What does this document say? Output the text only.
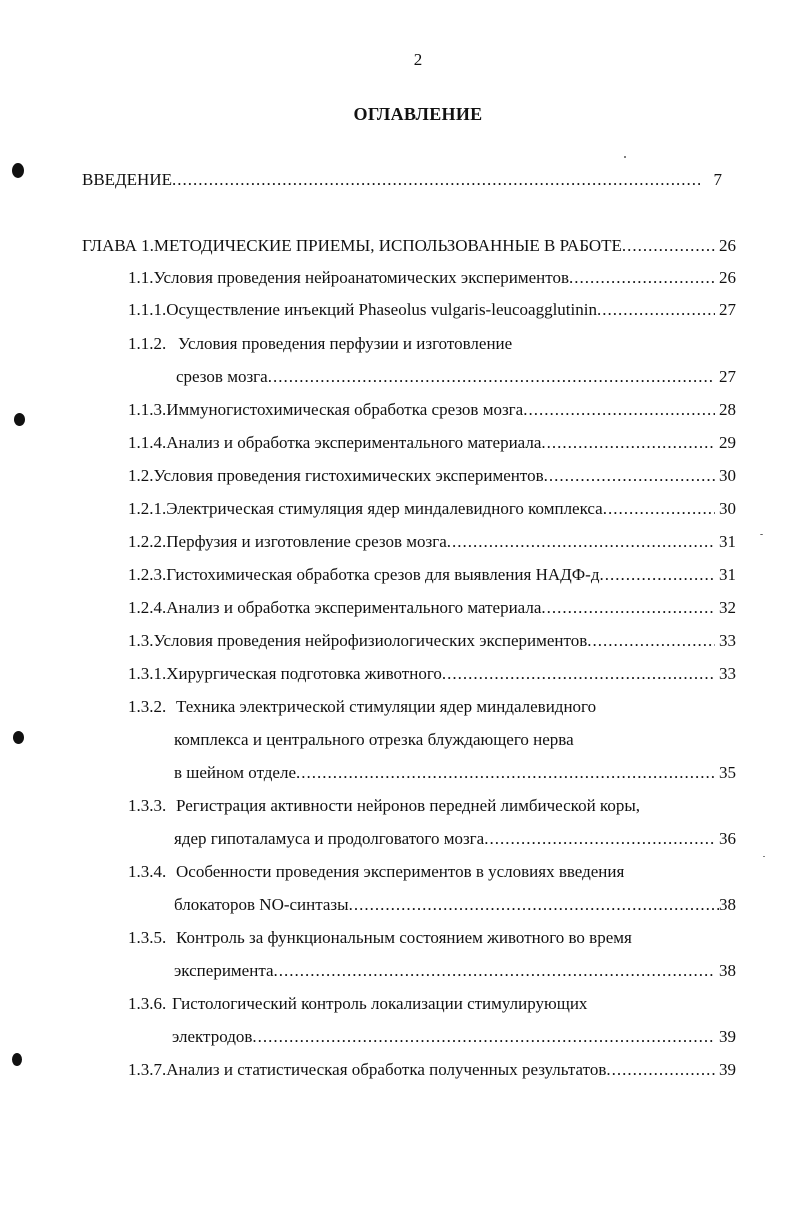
2
ОГЛАВЛЕНИЕ
ВВЕДЕНИЕ .....	7
ГЛАВА 1. МЕТОДИЧЕСКИЕ ПРИЕМЫ, ИСПОЛЬЗОВАННЫЕ В РАБОТЕ .....	26
1.1. Условия проведения нейроанатомических экспериментов .....	26
1.1.1. Осуществление инъекций Phaseolus vulgaris-leucoagglutinin .....	27
1.1.2. Условия проведения перфузии и изготовление
срезов мозга .....	27
1.1.3. Иммуногистохимическая обработка срезов мозга .....	28
1.1.4. Анализ и обработка экспериментального материала .....	29
1.2. Условия проведения гистохимических экспериментов .....	30
1.2.1. Электрическая стимуляция ядер миндалевидного комплекса .....	30
1.2.2. Перфузия и изготовление срезов мозга .....	31
1.2.3. Гистохимическая обработка срезов для выявления НАДФ-д .....	31
1.2.4. Анализ и обработка экспериментального материала .....	32
1.3. Условия проведения нейрофизиологических экспериментов .....	33
1.3.1. Хирургическая подготовка животного .....	33
1.3.2. Техника электрической стимуляции ядер миндалевидного
комплекса и центрального отрезка блуждающего нерва
в шейном отделе .....	35
1.3.3. Регистрация активности нейронов передней лимбической коры,
ядер гипоталамуса и продолговатого мозга .....	36
1.3.4. Особенности проведения экспериментов в условиях введения
блокаторов NO-синтазы .....	38
1.3.5. Контроль за функциональным состоянием животного во время
эксперимента .....	38
1.3.6. Гистологический контроль локализации стимулирующих
электродов .....	39
1.3.7. Анализ и статистическая обработка полученных результатов .....	39
